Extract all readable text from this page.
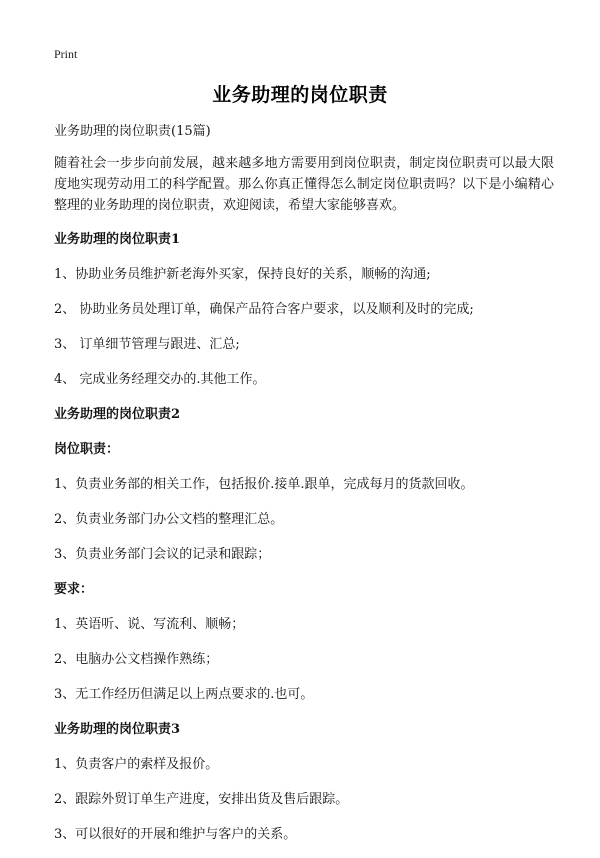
Print
业务助理的岗位职责

业务助理的岗位职责(15篇)

随着社会一步步向前发展，越来越多地方需要用到岗位职责，制定岗位职责可以最大限度地实现劳动用工的科学配置。那么你真正懂得怎么制定岗位职责吗？以下是小编精心整理的业务助理的岗位职责，欢迎阅读，希望大家能够喜欢。

业务助理的岗位职责1

1、协助业务员维护新老海外买家，保持良好的关系，顺畅的沟通;

2、 协助业务员处理订单，确保产品符合客户要求，以及顺利及时的完成;

3、 订单细节管理与跟进、汇总;

4、 完成业务经理交办的.其他工作。

业务助理的岗位职责2

岗位职责：

1、负责业务部的相关工作，包括报价.接单.跟单，完成每月的货款回收。

2、负责业务部门办公文档的整理汇总。

3、负责业务部门会议的记录和跟踪；

要求：

1、英语听、说、写流利、顺畅；

2、电脑办公文档操作熟练；

3、无工作经历但满足以上两点要求的.也可。

业务助理的岗位职责3

1、负责客户的索样及报价。

2、跟踪外贸订单生产进度，安排出货及售后跟踪。

3、可以很好的开展和维护与客户的关系。
